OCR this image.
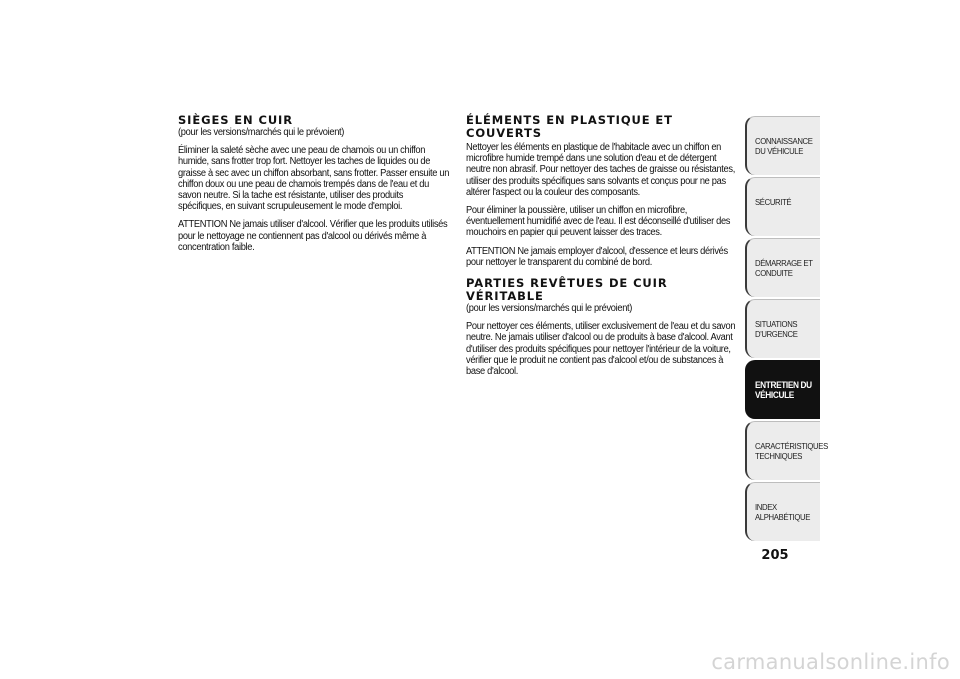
SIÈGES EN CUIR

(pour les versions/marchés qui le prévoient)

Éliminer la saleté sèche avec une peau de chamois ou un chiffon humide, sans frotter trop fort. Nettoyer les taches de liquides ou de graisse à sec avec un chiffon absorbant, sans frotter. Passer ensuite un chiffon doux ou une peau de chamois trempés dans de l'eau et du savon neutre. Si la tache est résistante, utiliser des produits spécifiques, en suivant scrupuleusement le mode d'emploi.

ATTENTION Ne jamais utiliser d'alcool. Vérifier que les produits utilisés pour le nettoyage ne contiennent pas d'alcool ou dérivés même à concentration faible.

ÉLÉMENTS EN PLASTIQUE ET COUVERTS

Nettoyer les éléments en plastique de l'habitacle avec un chiffon en microfibre humide trempé dans une solution d'eau et de détergent neutre non abrasif. Pour nettoyer des taches de graisse ou résistantes, utiliser des produits spécifiques sans solvants et conçus pour ne pas altérer l'aspect ou la couleur des composants.

Pour éliminer la poussière, utiliser un chiffon en microfibre, éventuellement humidifié avec de l'eau. Il est déconseillé d'utiliser des mouchoirs en papier qui peuvent laisser des traces.

ATTENTION Ne jamais employer d'alcool, d'essence et leurs dérivés pour nettoyer le transparent du combiné de bord.

PARTIES REVÊTUES DE CUIR VÉRITABLE

(pour les versions/marchés qui le prévoient)

Pour nettoyer ces éléments, utiliser exclusivement de l'eau et du savon neutre. Ne jamais utiliser d'alcool ou de produits à base d'alcool. Avant d'utiliser des produits spécifiques pour nettoyer l'intérieur de la voiture, vérifier que le produit ne contient pas d'alcool et/ou de substances à base d'alcool.

CONNAISSANCE DU VÉHICULE
SÉCURITÉ
DÉMARRAGE ET CONDUITE
SITUATIONS D'URGENCE
ENTRETIEN DU VÉHICULE
CARACTÉRISTIQUES TECHNIQUES
INDEX ALPHABÉTIQUE
205
carmanualsonline.info
